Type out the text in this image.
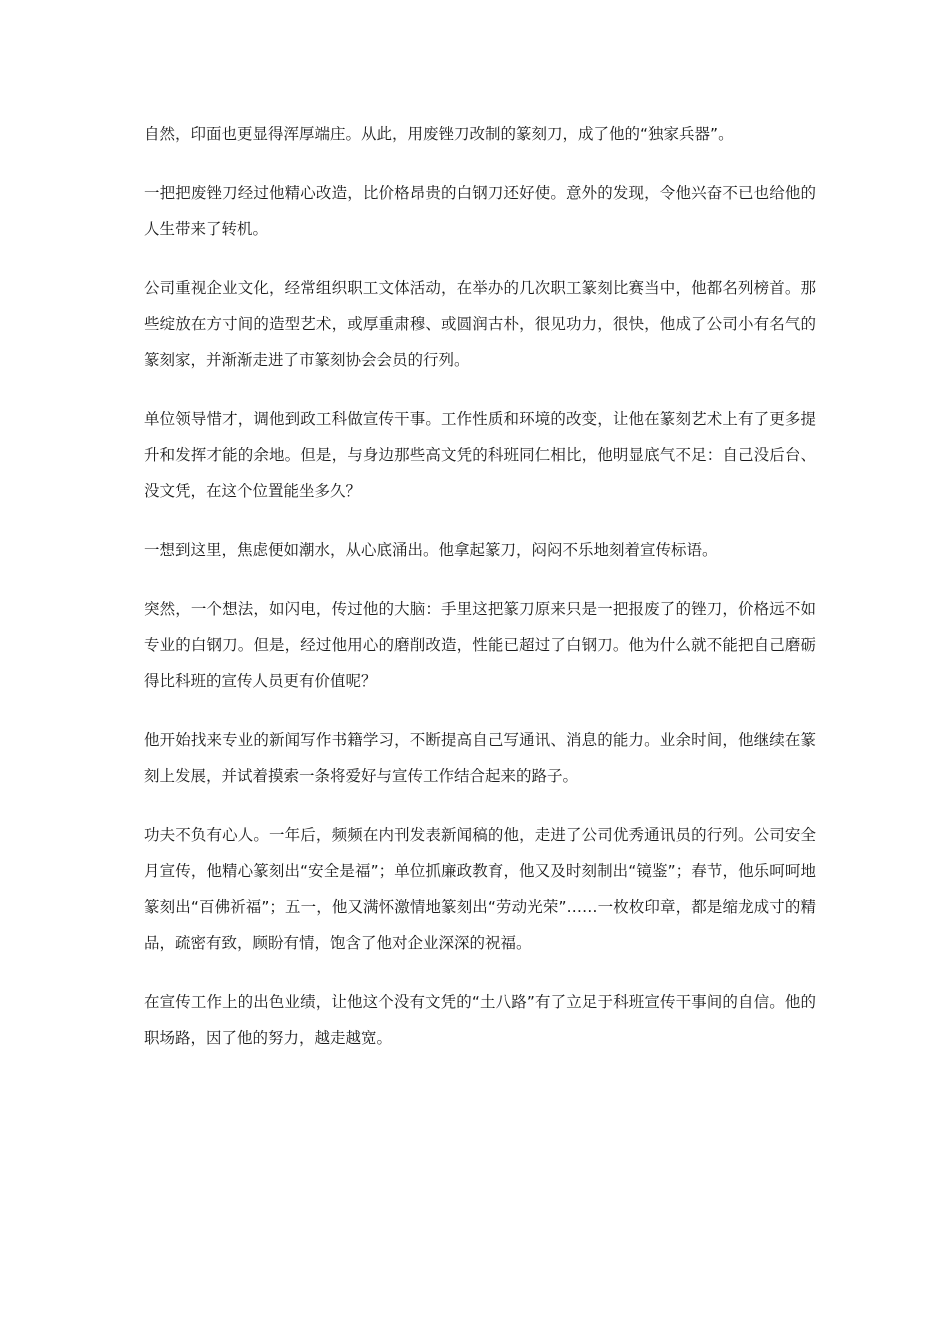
自然，印面也更显得浑厚端庄。从此，用废锉刀改制的篆刻刀，成了他的“独家兵器”。

一把把废锉刀经过他精心改造，比价格昂贵的白钢刀还好使。意外的发现，令他兴奋不已也给他的人生带来了转机。

公司重视企业文化，经常组织职工文体活动，在举办的几次职工篆刻比赛当中，他都名列榜首。那些绽放在方寸间的造型艺术，或厚重肃穆、或圆润古朴，很见功力，很快，他成了公司小有名气的篆刻家，并渐渐走进了市篆刻协会会员的行列。

单位领导惜才，调他到政工科做宣传干事。工作性质和环境的改变，让他在篆刻艺术上有了更多提升和发挥才能的余地。但是，与身边那些高文凭的科班同仁相比，他明显底气不足：自己没后台、没文凭，在这个位置能坐多久？

一想到这里，焦虑便如潮水，从心底涌出。他拿起篆刀，闷闷不乐地刻着宣传标语。

突然，一个想法，如闪电，传过他的大脑：手里这把篆刀原来只是一把报废了的锉刀，价格远不如专业的白钢刀。但是，经过他用心的磨削改造，性能已超过了白钢刀。他为什么就不能把自己磨砺得比科班的宣传人员更有价值呢？

他开始找来专业的新闻写作书籍学习，不断提高自己写通讯、消息的能力。业余时间，他继续在篆刻上发展，并试着摸索一条将爱好与宣传工作结合起来的路子。

功夫不负有心人。一年后，频频在内刊发表新闻稿的他，走进了公司优秀通讯员的行列。公司安全月宣传，他精心篆刻出“安全是福”；单位抓廉政教育，他又及时刻制出“镜鉴”；春节，他乐呵呵地篆刻出“百佛祈福”；五一，他又满怀激情地篆刻出“劳动光荣”……一枚枚印章，都是缩龙成寸的精品，疏密有致，顾盼有情，饱含了他对企业深深的祝福。

在宣传工作上的出色业绩，让他这个没有文凭的“土八路”有了立足于科班宣传干事间的自信。他的职场路，因了他的努力，越走越宽。
